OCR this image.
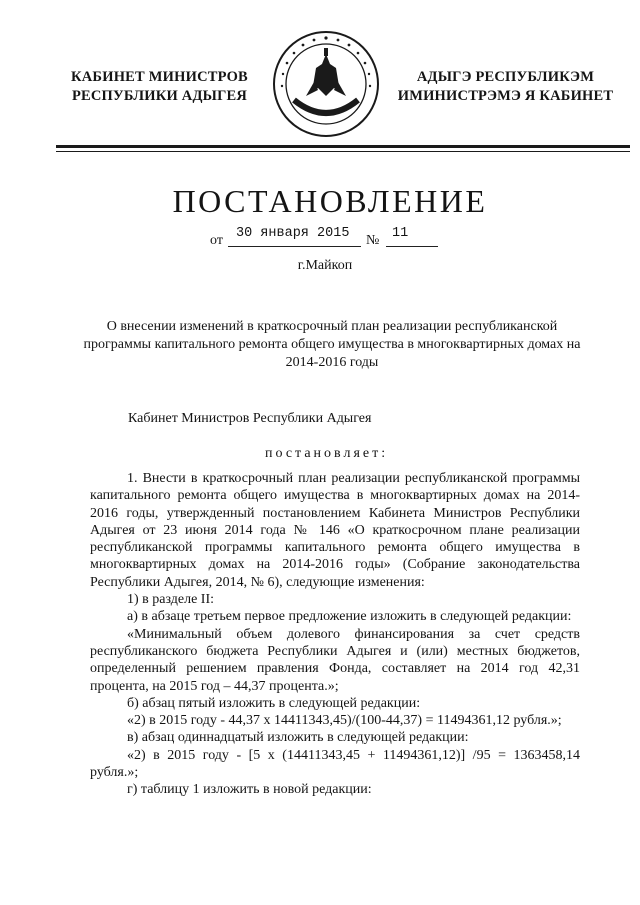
КАБИНЕТ МИНИСТРОВ
РЕСПУБЛИКИ АДЫГЕЯ
АДЫГЭ РЕСПУБЛИКЭМ
ИМИНИСТРЭМЭ Я КАБИНЕТ
ПОСТАНОВЛЕНИЕ
от 30 января 2015 № 11
г.Майкоп
О внесении изменений в краткосрочный план реализации республиканской программы капитального ремонта общего имущества в многоквартирных домах на 2014-2016 годы
Кабинет Министров Республики Адыгея
постановляет:

1. Внести в краткосрочный план реализации республиканской программы капитального ремонта общего имущества в многоквартирных домах на 2014-2016 годы, утвержденный постановлением Кабинета Министров Республики Адыгея от 23 июня 2014 года № 146 «О краткосрочном плане реализации республиканской программы капитального ремонта общего имущества в многоквартирных домах на 2014-2016 годы» (Собрание законодательства Республики Адыгея, 2014, № 6), следующие изменения:

1) в разделе II:

а) в абзаце третьем первое предложение изложить в следующей редакции:

«Минимальный объем долевого финансирования за счет средств республиканского бюджета Республики Адыгея и (или) местных бюджетов, определенный решением правления Фонда, составляет на 2014 год 42,31 процента, на 2015 год – 44,37 процента.»;

б) абзац пятый изложить в следующей редакции:

«2) в 2015 году - 44,37 х 14411343,45)/(100-44,37) = 11494361,12 рубля.»;

в) абзац одиннадцатый изложить в следующей редакции:

«2) в 2015 году - [5 х (14411343,45 + 11494361,12)] /95 = 1363458,14 рубля.»;

г) таблицу 1 изложить в новой редакции:
